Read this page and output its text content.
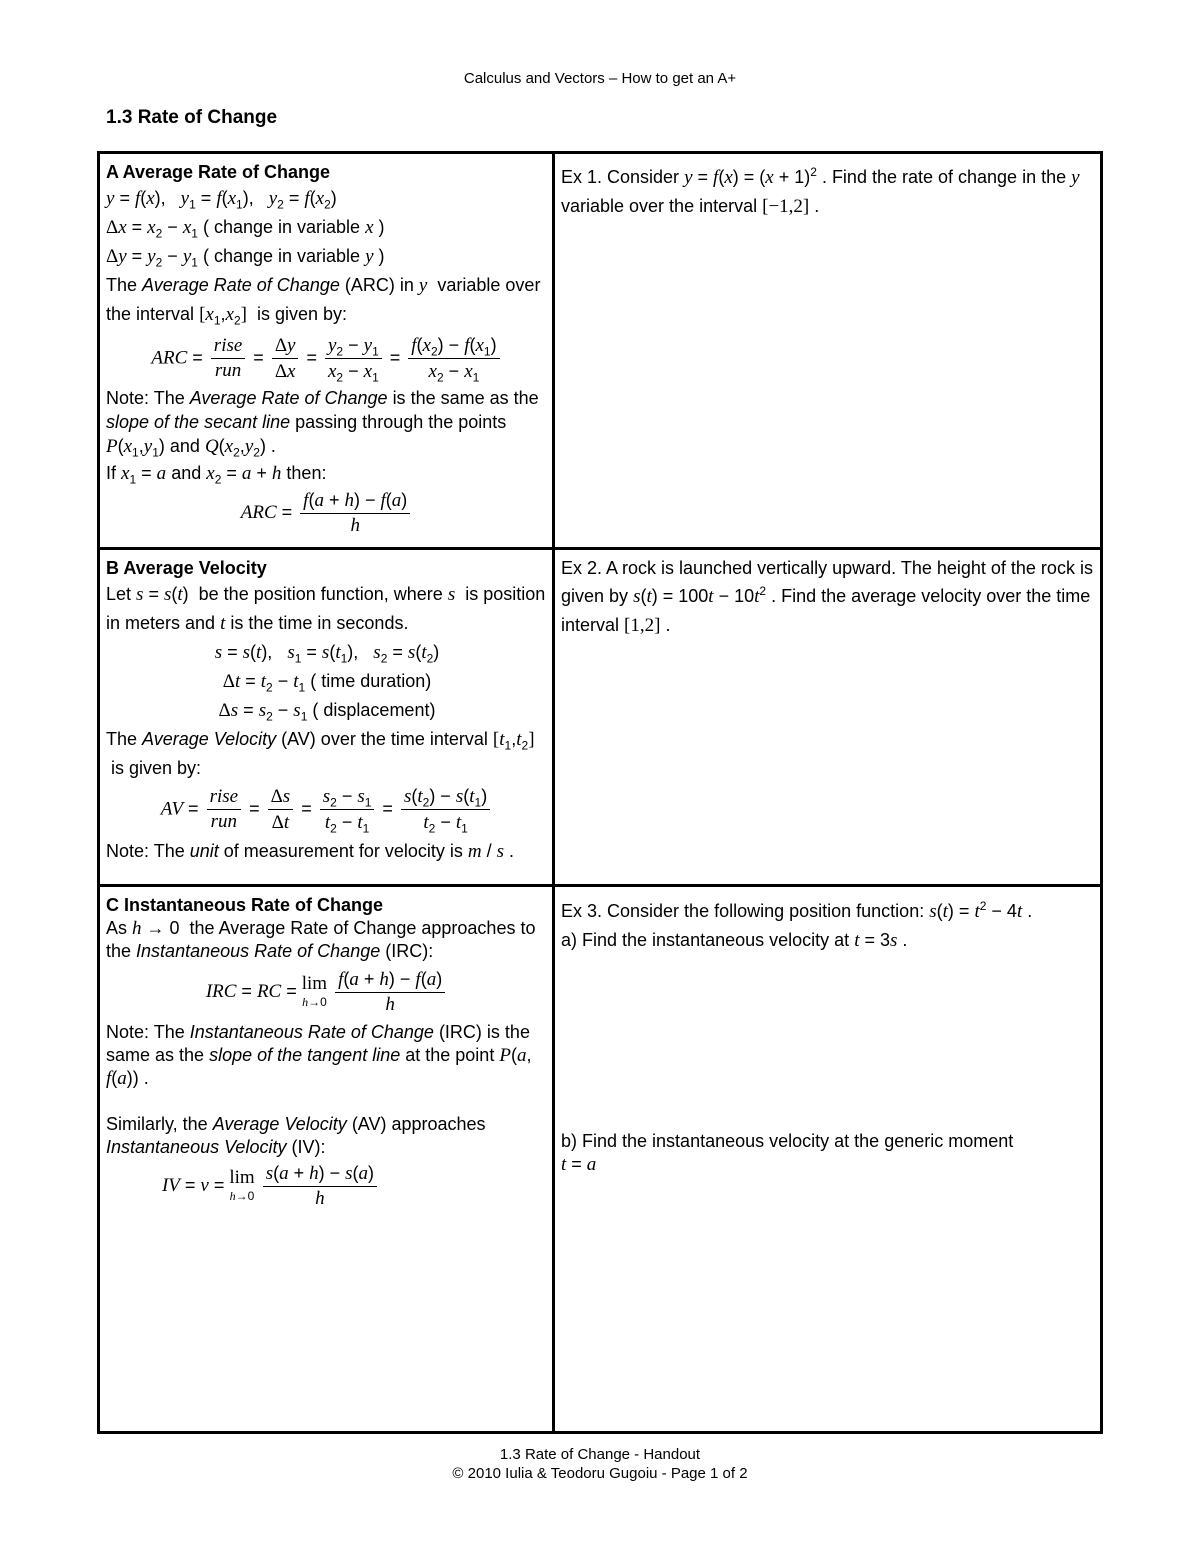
Calculus and Vectors – How to get an A+
1.3 Rate of Change
A Average Rate of Change
y = f(x),   $y_1 = f(x_1)$,   $y_2 = f(x_2)$
$\Delta x = x_2 - x_1$ ( change in variable x )
$\Delta y = y_2 - y_1$ ( change in variable y )
The Average Rate of Change (ARC) in y variable over the interval $[x_1,x_2]$ is given by:
ARC = $\frac{\text{rise}}{\text{run}} = \frac{\Delta y}{\Delta x} = \frac{y_2 - y_1}{x_2 - x_1} = \frac{f(x_2) - f(x_1)}{x_2 - x_1}$
Note: The Average Rate of Change is the same as the slope of the secant line passing through the points $P(x_1,y_1)$ and $Q(x_2,y_2)$ .
If $x_1 = a$ and $x_2 = a + h$ then:
ARC = $\frac{f(a + h) - f(a)}{h}$
B Average Velocity
Let s = s(t)  be the position function, where s is position in meters and t is the time in seconds.
s = s(t),   $s_1 = s(t_1)$,   $s_2 = s(t_2)$
$\Delta t = t_2 - t_1$ ( time duration)
$\Delta s = s_2 - s_1$ ( displacement)
The Average Velocity (AV) over the time interval $[t_1,t_2]$  is given by:
AV = $\frac{\text{rise}}{\text{run}} = \frac{\Delta s}{\Delta t} = \frac{s_2 - s_1}{t_2 - t_1} = \frac{s(t_2) - s(t_1)}{t_2 - t_1}$
Note: The unit of measurement for velocity is m / s .
C Instantaneous Rate of Change
As h → 0  the Average Rate of Change approaches to the Instantaneous Rate of Change (IRC):
IRC = RC = lim
h→0
$\frac{f(a + h) - f(a)}{h}$
Note: The Instantaneous Rate of Change (IRC) is the same as the slope of the tangent line at the point P(a, f(a)) .
Similarly, the Average Velocity (AV) approaches Instantaneous Velocity (IV):
IV = v = lim
h→0
$\frac{s(a + h) - s(a)}{h}$
Ex 1. Consider $y = f(x) = (x + 1)^2$ . Find the rate of change in the y variable over the interval [−1,2] .
Ex 2. A rock is launched vertically upward. The height of the rock is given by $s(t) = 100t - 10t^2$ . Find the average velocity over the time interval [1,2] .
Ex 3. Consider the following position function: $s(t) = t^2 - 4t$ .
a) Find the instantaneous velocity at t = 3s .
b) Find the instantaneous velocity at the generic moment
t = a
1.3 Rate of Change - Handout
© 2010 Iulia & Teodoru Gugoiu - Page 1 of 2
